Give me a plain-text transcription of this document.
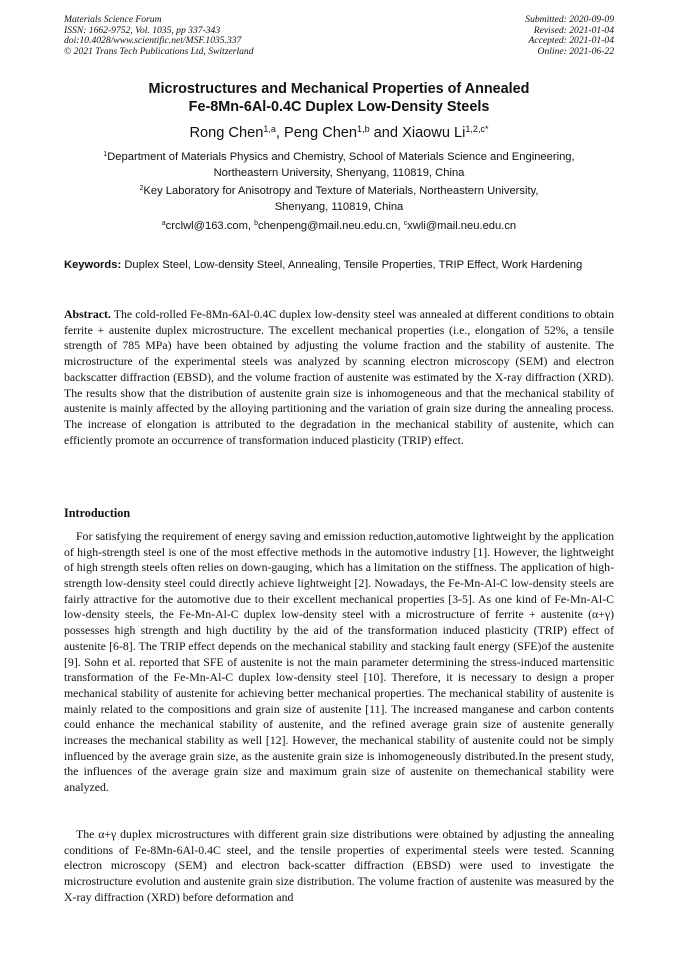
Materials Science Forum
ISSN: 1662-9752, Vol. 1035, pp 337-343
doi:10.4028/www.scientific.net/MSF.1035.337
© 2021 Trans Tech Publications Ltd, Switzerland
Submitted: 2020-09-09
Revised: 2021-01-04
Accepted: 2021-01-04
Online: 2021-06-22
Microstructures and Mechanical Properties of Annealed
Fe-8Mn-6Al-0.4C Duplex Low-Density Steels
Rong Chen$^{1,a}$, Peng Chen$^{1,b}$ and Xiaowu $Li^{1,2,c*}$
$^1$Department of Materials Physics and Chemistry, School of Materials Science and Engineering,
Northeastern University, Shenyang, 110819, China
$^2$Key Laboratory for Anisotropy and Texture of Materials, Northeastern University,
Shenyang, 110819, China
$^a$crclwl@163.com, $^b$chenpeng@mail.neu.edu.cn, $^c$xwli@mail.neu.edu.cn
Keywords: Duplex Steel, Low-density Steel, Annealing, Tensile Properties, TRIP Effect, Work Hardening
Abstract. The cold-rolled Fe-8Mn-6Al-0.4C duplex low-density steel was annealed at different conditions to obtain ferrite + austenite duplex microstructure. The excellent mechanical properties (i.e., elongation of 52%, a tensile strength of 785 MPa) have been obtained by adjusting the volume fraction and the stability of austenite. The microstructure of the experimental steels was analyzed by scanning electron microscopy (SEM) and electron backscatter diffraction (EBSD), and the volume fraction of austenite was estimated by the X-ray diffraction (XRD). The results show that the distribution of austenite grain size is inhomogeneous and that the mechanical stability of austenite is mainly affected by the alloying partitioning and the variation of grain size during the annealing process. The increase of elongation is attributed to the degradation in the mechanical stability of austenite, which can efficiently promote an occurrence of transformation induced plasticity (TRIP) effect.
Introduction

For satisfying the requirement of energy saving and emission reduction,automotive lightweight by the application of high-strength steel is one of the most effective methods in the automotive industry [1]. However, the lightweight of high strength steels often relies on down-gauging, which has a limitation on the stiffness. The application of high-strength low-density steel could directly achieve lightweight [2]. Nowadays, the Fe-Mn-Al-C low-density steels are fairly attractive for the automotive due to their excellent mechanical properties [3-5]. As one kind of Fe-Mn-Al-C low-density steels, the Fe-Mn-Al-C duplex low-density steel with a microstructure of ferrite + austenite (α+γ) possesses high strength and high ductility by the aid of the transformation induced plasticity (TRIP) effect of austenite [6-8]. The TRIP effect depends on the mechanical stability and stacking fault energy (SFE)of the austenite [9]. Sohn et al. reported that SFE of austenite is not the main parameter determining the stress-induced martensitic transformation of the Fe-Mn-Al-C duplex low-density steel [10]. Therefore, it is necessary to design a proper mechanical stability of austenite for achieving better mechanical properties. The mechanical stability of austenite is mainly related to the compositions and grain size of austenite [11]. The increased manganese and carbon contents could enhance the mechanical stability of austenite, and the refined average grain size of austenite generally increases the mechanical stability as well [12]. However, the mechanical stability of austenite could not be simply influenced by the average grain size, as the austenite grain size is inhomogeneously distributed.In the present study, the influences of the average grain size and maximum grain size of austenite on themechanical stability were analyzed.

The α+γ duplex microstructures with different grain size distributions were obtained by adjusting the annealing conditions of Fe-8Mn-6Al-0.4C steel, and the tensile properties of experimental steels were tested. Scanning electron microscopy (SEM) and electron back-scatter diffraction (EBSD) were used to investigate the microstructure evolution and austenite grain size distribution. The volume fraction of austenite was measured by the X-ray diffraction (XRD) before deformation and
